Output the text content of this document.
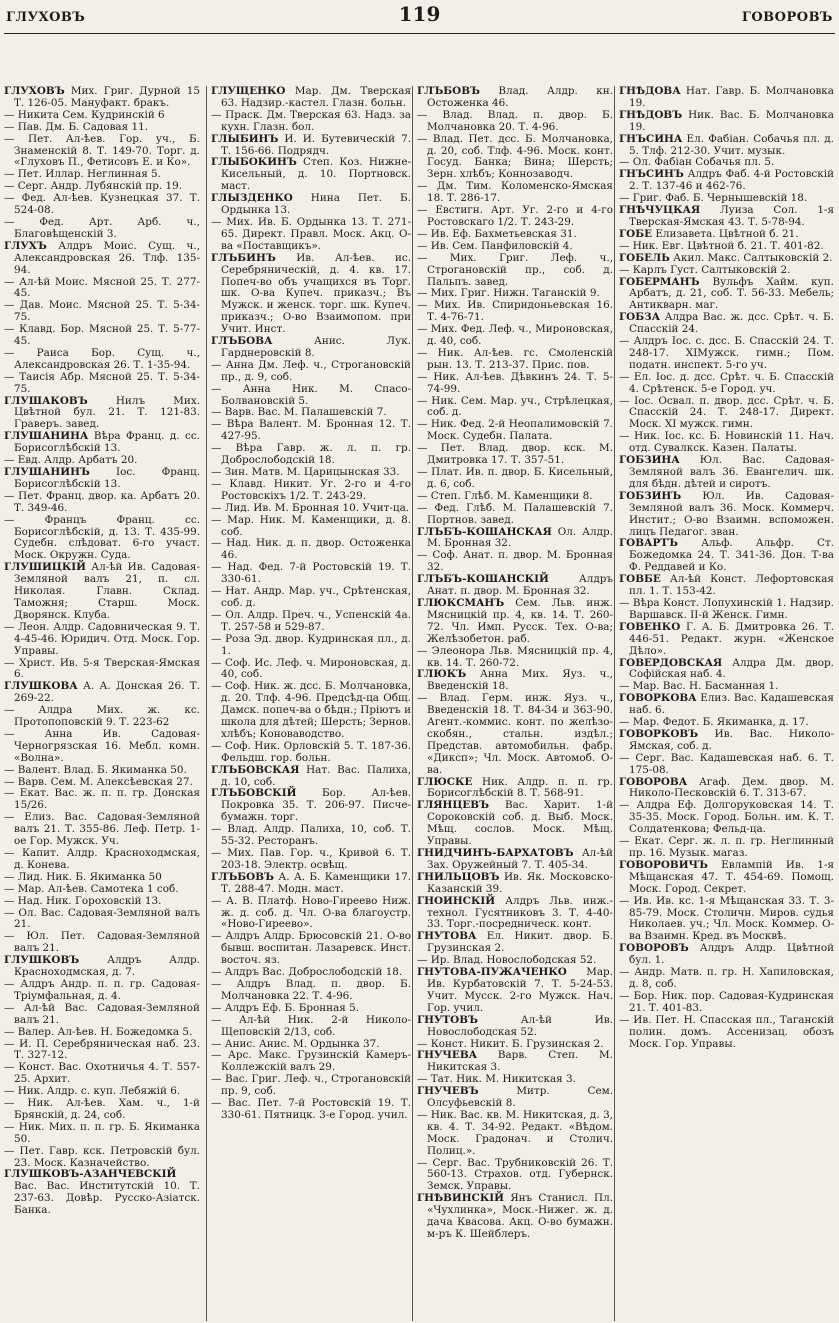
ГЛУХОВЪ	119	ГОВОРОВЪ

ГЛУХОВЪ Мих. Григ. Дурной 15 Т. 126-05. Мануфакт. бракъ.

— Никита Сем. Кудринскій 6

— Пав. Дм. Б. Садовая 11.

— Пет. Ал-ѣев. Гор. уч., Б. Знаменскій 8. Т. 149-70. Торг. д. «Глуховъ П., Фетисовъ Е. и Ко».

— Пет. Иллар. Неглинная 5.

— Серг. Андр. Лубянскій пр. 19.

— Фед. Ал-ѣев. Кузнецкая 37. Т. 524-08.

— Фед. Арт. Арб. ч., Благовѣщенскій 3.

ГЛУХЪ Алдръ Моис. Сущ. ч., Александровская 26. Тлф. 135-94.

— Ал-ѣй Моис. Мясной 25. Т. 277-45.

— Дав. Моис. Мясной 25. Т. 5-34-75.

— Клавд. Бор. Мясной 25. Т. 5-77-45.

— Раиса Бор. Сущ. ч., Александровская 26. Т. 1-35-94.

— Таисія Абр. Мясной 25. Т. 5-34-75.

ГЛУШАКОВЪ	Нилъ Мих. Цвѣтной бул. 21. Т. 121-83. Граверъ. завед.

ГЛУШАНИНА Вѣра Франц. д. сс. Борисоглѣбскій 13.

— Евд. Алдр. Арбатъ 20.

ГЛУШАНИНЪ	Іос. Франц. Борисоглѣбскій 13.

— Пет. Франц. двор. ка. Арбатъ 20. Т. 349-46.

— Францъ Франц. сс. Борисоглѣбскій, д. 13. Т. 435-99. Судебн. слѣдоват. 6-го участ. Моск. Окружн. Суда.

ГЛУШИЦКІЙ Ал-ѣй Ив. Садовая-Земляной валъ 21, п. сл. Николая. Главн. Склад. Таможня; Старш. Моск. Дворянск. Клуба.

— Леон. Алдр. Садовническая 9. Т. 4-45-46. Юридич. Отд. Моск. Гор. Управы.

— Христ. Ив. 5-я Тверская-Ямская 6.

ГЛУШКОВА А. А. Донская 26. Т. 269-22.

— Алдра Мих. ж. кс. Протопоповскій 9. Т. 223-62

— Анна Ив. Садовая-Черногрязская 16. Мебл. комн. «Волна».

— Валент. Влад. Б. Якиманка 50.

— Варв. Сем. М. Алексѣевская 27.

— Екат. Вас. ж. п. п. гр. Донская 15/26.

— Елиз. Вас. Садовая-Земляной валъ 21. Т. 355-86. Леф. Петр. 1-ое Гор. Мужск. Уч.

— Капит. Алдр. Красноходмская, д. Конева.

— Лид. Ник. Б. Якиманка 50

— Мар. Ал-ѣев. Самотека 1 соб.

— Над. Ник. Гороховскій 13.

— Ол. Вас. Садовая-Земляной валъ 21.

— Юл. Пет. Садовая-Земляной валъ 21.

ГЛУШКОВЪ	Алдръ Алдр. Красноходмская, д. 7.

— Алдръ Андр. п. п. гр. Садовая-Тріумфальная, д. 4.

— Ал-ѣй Вас. Садовая-Земляной валъ 21.

— Валер. Ал-ѣев. Н. Божедомка 5.

— И. П. Серебряническая наб. 23. Т. 327-12.

— Конст. Вас. Охотничья 4. Т. 557-25. Архит.

— Ник. Алдр. с. куп. Лебяжій 6.

— Ник. Ал-ѣев. Хам. ч., 1-й Брянскій, д. 24, соб.

— Ник. Мих. п. п. гр. Б. Якиманка 50.

— Пет. Гавр. кск. Петровскій бул. 23. Моск. Казначейство.

ГЛУШКОВЪ-АЗАНЧЕВСКІЙ Вас. Вас. Институтскій 10. Т. 237-63. Довѣр. Русско-Азіатск. Банка.

ГЛУЩЕНКО Мар. Дм. Тверская 63. Надзир.-кастел. Глазн. больн.

— Праск. Дм. Тверская 63. Надз. за кухн. Глазн. бол.

ГЛЫБИНЪ И. И. Бутевическій 7. Т. 156-66. Подрядч.

ГЛЫБОКИНЪ Степ. Коз. Нижне-Кисельный, д. 10. Портновск. маст.

ГЛЫЗДЕНКО Нина Пет. Б. Ордынка 13.

— Мих. Ив. Б. Ордынка 13. Т. 271-65. Директ. Правл. Моск. Акц. О-ва «Поставщикъ».

ГЛЪБИНЪ Ив. Ал-ѣев. ис. Серебряническій, д. 4. кв. 17. Попеч-во объ учащихся въ Торг. шк. О-ва Купеч. приказч.; Въ Мужск. и женск. торг. шк. Купеч. приказч.; О-во Взаимопом. при Учит. Инст.

ГЛЪБОВА	Анис. Лук. Гарднеровскій 8.

— Анна Дм. Леф. ч., Строгановскій пр., д. 9, соб.

— Анна Ник. М. Спасо-Болвановскій 5.

— Варв. Вас. М. Палашевскій 7.

— Вѣра Валент. М. Бронная 12. Т. 427-95.

— Вѣра Гавр. ж. л. п. гр. Доброслободскій 18.

— Зин. Матв. М. Царицынская 33.

— Клавд. Никит. Уг. 2-го и 4-го Ростовскіхъ 1/2. Т. 243-29.

— Лид. Ив. М. Бронная 10. Учит-ца.

— Мар. Ник. М. Каменщики, д. 8. соб.

— Над. Ник. д. п. двор. Остоженка 46.

— Над. Фед. 7-й Ростовскій 19. Т. 330-61.

— Нат. Андр. Мар. уч., Срѣтенская, соб. д.

— Ол. Алдр. Преч. ч., Успенскій 4а. Т. 257-58 и 529-87.

— Роза Эд. двор. Кудринская пл., д. 1.

— Соф. Ис. Леф. ч. Мироновская, д. 40, соб.

— Соф. Ник. ж. дсс. Б. Молчановка, д. 20. Тлф. 4-96. Предсѣд-ца Общ. Дамск. попеч-ва о бѣдн.; Пріютъ и школа для дѣтей; Шерсть; Зернов. хлѣбъ; Коноваводство.

— Соф. Ник. Орловскій 5. Т. 187-36. Фельдш. гор. больн.

ГЛЪБОВСКАЯ Нат. Вас. Палиха, д. 10, соб.

ГЛЪБОВСКІЙ Бор. Ал-ѣев. Покровка 35. Т. 206-97. Писче-бумажн. торг.

— Влад. Алдр. Палиха, 10, соб. Т. 55-32. Ресторанъ.

— Мих. Пав. Гор. ч., Кривой 6. Т. 203-18. Электр. освѣщ.

ГЛЪБОВЪ А. А. Б. Каменщики 17. Т. 288-47. Модн. маст.

— А. В. Платф. Ново-Гиреево Ниж. ж. д. соб. д. Чл. О-ва благоустр. «Ново-Гиреево».

— Алдръ Алдр. Брюсовскій 21. О-во бывш. воспитан. Лазаревск. Инст. восточ. яз.

— Алдръ Вас. Доброслободскій 18.

— Алдръ Влад. п. двор. Б. Молчановка 22. Т. 4-96.

— Алдръ Еф. Б. Бронная 5.

— Ал-ѣй Ник. 2-й Николо-Щеповскій 2/13, соб.

— Анис. Анис. М. Ордынка 37.

— Арс. Макс. Грузинскій Камеръ-Коллежскій валъ 29.

— Вас. Григ. Леф. ч., Строгановскій пр. 9, соб.

— Вас. Пет. 7-й Ростовскій 19. Т. 330-61. Пятницк. 3-е Город. учил.

ГЛЪБОВЪ Влад. Алдр. кн. Остоженка 46.

— Влад. Влад. п. двор. Б. Молчановка 20. Т. 4-96.

— Влад. Пет. дсс. Б. Молчановка, д. 20, соб. Тлф. 4-96. Моск. конт. Госуд. Банка; Вина; Шерсть; Зерн. хлѣбъ; Коннозаводч.

— Дм. Тим. Коломенско-Ямская 18. Т. 286-17.

— Евстигн. Арт. Уг. 2-го и 4-го Ростовскаго 1/2. Т. 243-29.

— Ив. Еф. Бахметьевская 31.

— Ив. Сем. Панфиловскій 4.

— Мих. Григ. Леф. ч., Строгановскій пр., соб. д. Пальпъ. завед.

— Мих. Григ. Нижн. Таганскій 9.

— Мих. Ив. Спиридоньевская 16. Т. 4-76-71.

— Мих. Фед. Леф. ч., Мироновская, д. 40, соб.

— Ник. Ал-ѣев. гс. Смоленскій рын. 13. Т. 213-37. Прис. пов.

— Ник. Ал-ѣев. Дѣвкинъ 24. Т. 5-74-99.

— Ник. Сем. Мар. уч., Стрѣлецкая, соб. д.

— Ник. Фед. 2-й Неопалимовскій 7. Моск. Судебн. Палата.

— Пет. Влад. двор. кск. М. Дмитровка 17. Т. 357-51.

— Плат. Ив. п. двор. Б. Кисельный, д. 6, соб.

— Степ. Глѣб. М. Каменщики 8.

— Фед. Глѣб. М. Палашевскій 7. Портнов. завед.

ГЛЪБЪ-КОШАНСКАЯ Ол. Алдр. М. Бронная 32.

— Соф. Анат. п. двор. М. Бронная 32.

ГЛЪБЪ-КОШАНСКІЙ	Алдръ Анат. п. двор. М. Бронная 32.

ГЛЮКСМАНЪ Сем. Льв. инж. Мясницкій пр. 4, кв. 14. Т. 260-72. Чл. Имп. Русск. Тех. О-ва; Желѣзобетон. раб.

— Элеонора Льв. Мясницкій пр. 4, кв. 14. Т. 260-72.

ГЛЮКЪ Анна Мих. Яуз. ч., Введенскій 18.

— Влад. Герм. инж. Яуз. ч., Введенскій 18. Т. 84-34 и 363-90. Агент.-коммис. конт. по желѣзо-скобян., стальн. издѣл.; Представ. автомобильн. фабр. «Диксп»; Чл. Моск. Автомоб. О-ва.

ГЛЮСКЕ Ник. Алдр. п. п. гр. Борисоглѣбскій 8. Т. 568-91.

ГЛЯНЦЕВЪ Вас. Харит. 1-й Сороковскій соб. д. Выб. Моск. Мѣщ. сослов. Моск. Мѣщ. Управы.

ГНИДЧИНЪ-БАРХАТОВЪ Ал-ѣй Зах. Оружейный 7. Т. 405-34.

ГНИЛЬЦОВЪ Ив. Як. Московско-Казанскій 39.

ГНОИНСКІЙ Алдръ Льв. инж.-технол. Гусятниковъ 3. Т. 4-40-33. Торг.-посредническ. конт.

ГНУТОВА Ел. Никит. двор. Б. Грузинская 2.

— Ир. Влад. Новослободская 52.

ГНУТОВА-ПУЖАЧЕНКО Мар. Ив. Курбатовскій 7. Т. 5-24-53. Учит. Мусск. 2-го Мужск. Нач. Гор. учил.

ГНУТОВЪ	Ал-ѣй Ив. Новослободская 52.

— Конст. Никит. Б. Грузинская 2.

ГНУЧЕВА Варв. Степ. М. Никитская 3.

— Тат. Ник. М. Никитская 3.

ГНУЧЕВЪ	Митр. Сем. Олсуфьевскій 8.

— Ник. Вас. кв. М. Никитская, д. 3, кв. 4. Т. 34-92. Редакт. «Вѣдом. Моск. Градонач. и Столич. Полиц.».

— Серг. Вас. Трубниковскій 26. Т. 560-13. Страхов. отд. Губернск. Земск. Управы.

ГНѢВИНСКІЙ Янъ Станисл. Пл. «Чухлинка», Моск.-Нижег. ж. д. дача Квасова. Акц. О-во бумажн. м-ръ К. Шейблеръ.

ГНѢДОВА Нат. Гавр. Б. Молчановка 19.

ГНѢДОВЪ Ник. Вас. Б. Молчановка 19.

ГНЪСИНА Ел. Фабіан. Собачья пл. д. 5. Тлф. 212-30. Учит. музык.

— Ол. Фабіан Собачья пл. 5.

ГНЪСИНЪ Алдръ Фаб. 4-й Ростовскій 2. Т. 137-46 и 462-76.

— Григ. Фаб. Б. Чернышевскій 18.

ГНѢЧУЦКАЯ Луиза Сол. 1-я Тверская-Ямская 43. Т. 5-78-94.

ГОБЕ Елизавета. Цвѣтной б. 21.

— Ник. Евг. Цвѣтной б. 21. Т. 401-82.

ГОБЕЛЬ Акил. Макс. Салтыковскій 2.

— Карлъ Густ. Салтыковскій 2.

ГОБЕРМАНЪ Вульфъ Хайм. куп. Арбатъ, д. 21, соб. Т. 56-33. Мебель; Антикварн. маг.

ГОБЗА Алдра Вас. ж. дсс. Срѣт. ч. Б. Спасскій 24.

— Алдръ Іос. с. дсс. Б. Спасскій 24. Т. 248-17. XIМужск. гимн.; Пом. податн. инспект. 5-го уч.

— Ел. Іос. д. дсс. Срѣт. ч. Б. Спасскій 4. Срѣтенск. 5-е Город. уч.

— Іос. Освал. п. двор. дсс. Срѣт. ч. Б. Спасскій 24. Т. 248-17. Директ. Моск. XI мужск. гимн.

— Ник. Іос. кс. Б. Новинскій 11. Нач. отд. Сувалкск. Казен. Палаты.

ГОБЗИНА Юл. Вас. Садовая-Земляной валъ 36. Евангелич. шк. для бѣдн. дѣтей и сиротъ.

ГОБЗИНЪ Юл. Ив. Садовая-Земляной валъ 36. Моск. Коммерч. Инстит.; О-во Взаимн. вспоможен. лицъ Педагог. зван.

ГОВАРТЪ Альф. Альфр. Ст. Божедомка 24. Т. 341-36. Дон. Т-ва Ф. Реддавей и Ко.

ГОВБЕ Ал-ѣй Конст. Лефортовская пл. 1. Т. 153-42.

— Вѣра Конст. Лопухинскій 1. Надзир. Варшавск. II-й Женск. Гимн.

ГОВЕНКО Г. А. Б. Дмитровка 26. Т. 446-51. Редакт. журн. «Женское Дѣло».

ГОВЕРДОВСКАЯ Алдра Дм. двор. Софійская наб. 4.

— Мар. Вас. Н. Басманная 1.

ГОВОРКОВА Елиз. Вас. Кадашевская наб. 6.

— Мар. Федот. Б. Якиманка, д. 17.

ГОВОРКОВЪ Ив. Вас. Николо-Ямская, соб. д.

— Серг. Вас. Кадашевская наб. 6. Т. 175-08.

ГОВОРОВА Агаф. Дем. двор. М. Николо-Песковскій 6. Т. 313-67.

— Алдра Еф. Долгоруковская 14. Т. 35-35. Моск. Город. Больн. им. К. Т. Солдатенкова; Фельд-ца.

— Екат. Серг. ж. л. п. гр. Неглинный пр. 16. Музык. магаз.

ГОВОРОВИЧЪ Евлампій Ив. 1-я Мѣщанская 47. Т. 454-69. Помощ. Моск. Город. Секрет.

— Ив. Ив. кс. 1-я Мѣщанская 33. Т. 3-85-79. Моск. Столичн. Миров. судья Николаев. уч.; Чл. Моск. Коммер. О-ва Взаимн. Кред. въ Москвѣ.

ГОВОРОВЪ Алдръ Алдр. Цвѣтной бул. 1.

— Андр. Матв. п. гр. Н. Хапиловская, д. 8, соб.

— Бор. Ник. пор. Садовая-Кудринская 21. Т. 401-83.

— Ив. Пет. Н. Спасская пл., Таганскій полин. домъ. Ассенизац. обозъ Моск. Гор. Управы.
